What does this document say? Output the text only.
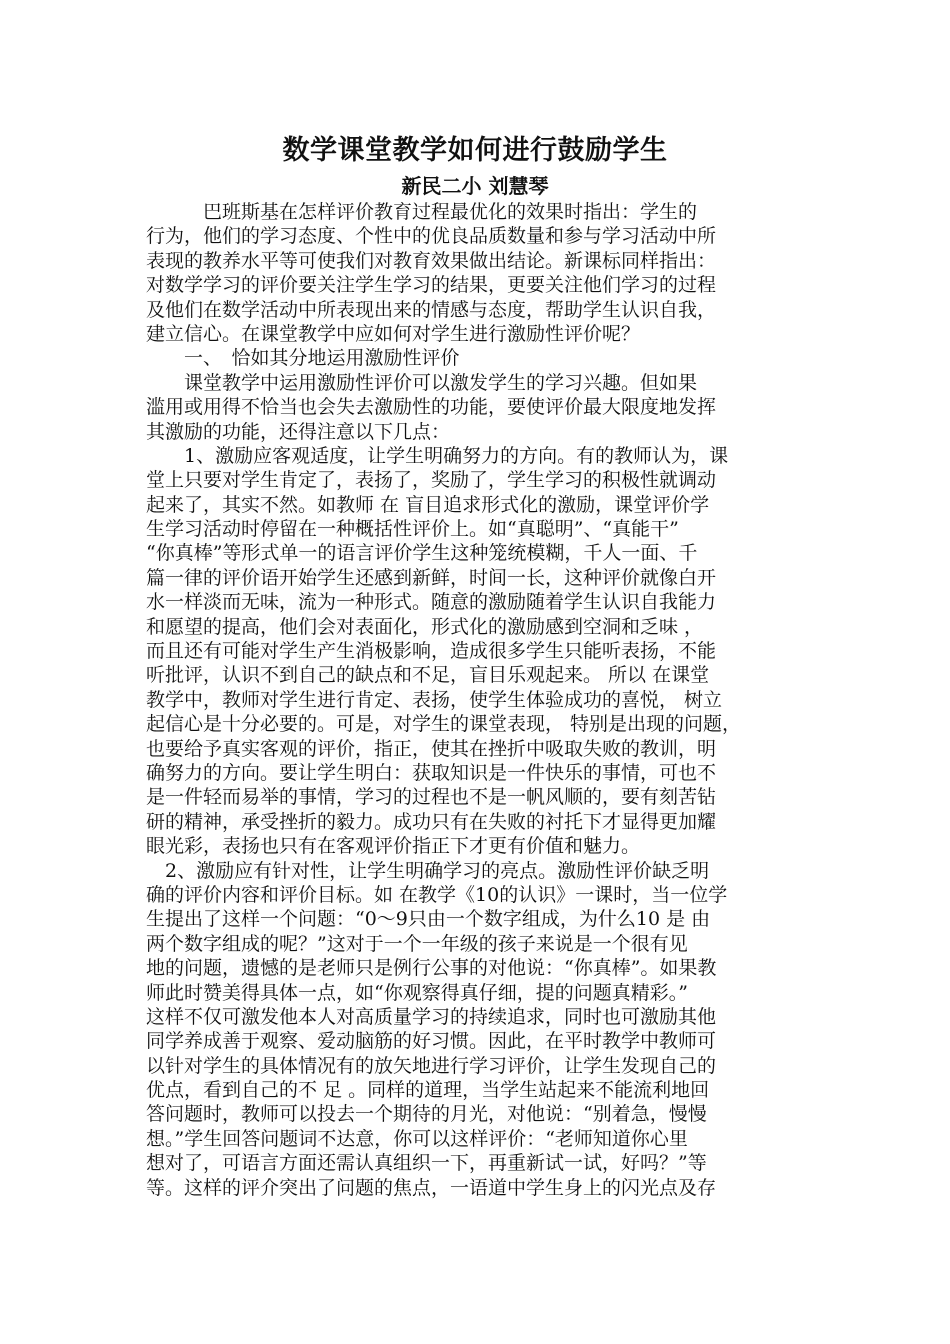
数学课堂教学如何进行鼓励学生
新民二小 刘慧琴
　　　巴班斯基在怎样评价教育过程最优化的效果时指出：学生的
行为，他们的学习态度、个性中的优良品质数量和参与学习活动中所
表现的教养水平等可使我们对教育效果做出结论。新课标同样指出：
对数学学习的评价要关注学生学习的结果，更要关注他们学习的过程
及他们在数学活动中所表现出来的情感与态度，帮助学生认识自我，
建立信心。在课堂教学中应如何对学生进行激励性评价呢？
　　一、　恰如其分地运用激励性评价
　　课堂教学中运用激励性评价可以激发学生的学习兴趣。但如果
滥用或用得不恰当也会失去激励性的功能，要使评价最大限度地发挥
其激励的功能，还得注意以下几点：
　　1、激励应客观适度，让学生明确努力的方向。有的教师认为，课
堂上只要对学生肯定了，表扬了，奖励了，学生学习的积极性就调动
起来了，其实不然。如教师 在 盲目追求形式化的激励，课堂评价学
生学习活动时停留在一种概括性评价上。如“真聪明”、“真能干”
“你真棒”等形式单一的语言评价学生这种笼统模糊，千人一面、千
篇一律的评价语开始学生还感到新鲜，时间一长，这种评价就像白开
水一样淡而无味，流为一种形式。随意的激励随着学生认识自我能力
和愿望的提高，他们会对表面化，形式化的激励感到空洞和乏味 ，
而且还有可能对学生产生消极影响，造成很多学生只能听表扬，不能
听批评，认识不到自己的缺点和不足，盲目乐观起来。 所以 在课堂
教学中，教师对学生进行肯定、表扬，使学生体验成功的喜悦， 树立
起信心是十分必要的。可是，对学生的课堂表现， 特别是出现的问题，
也要给予真实客观的评价，指正，使其在挫折中吸取失败的教训，明
确努力的方向。要让学生明白：获取知识是一件快乐的事情，可也不
是一件轻而易举的事情，学习的过程也不是一帆风顺的，要有刻苦钻
研的精神，承受挫折的毅力。成功只有在失败的衬托下才显得更加耀
眼光彩，表扬也只有在客观评价指正下才更有价值和魅力。
　2、激励应有针对性，让学生明确学习的亮点。激励性评价缺乏明
确的评价内容和评价目标。如 在教学《10的认识》一课时，当一位学
生提出了这样一个问题：“0～9只由一个数字组成，为什么10 是 由
两个数字组成的呢？”这对于一个一年级的孩子来说是一个很有见
地的问题，遗憾的是老师只是例行公事的对他说：“你真棒”。如果教
师此时赞美得具体一点，如“你观察得真仔细，提的问题真精彩。”
这样不仅可激发他本人对高质量学习的持续追求，同时也可激励其他
同学养成善于观察、爱动脑筋的好习惯。因此，在平时教学中教师可
以针对学生的具体情况有的放矢地进行学习评价，让学生发现自己的
优点，看到自己的不 足 。同样的道理，当学生站起来不能流利地回
答问题时，教师可以投去一个期待的月光，对他说：“别着急，慢慢
想。”学生回答问题词不达意，你可以这样评价：“老师知道你心里
想对了，可语言方面还需认真组织一下，再重新试一试，好吗？”等
等。这样的评介突出了问题的焦点，一语道中学生身上的闪光点及存
